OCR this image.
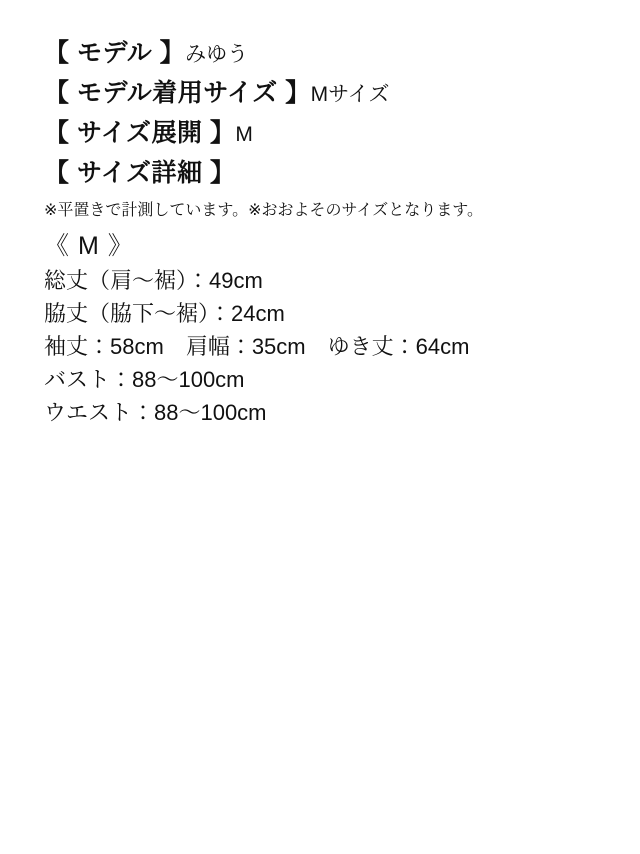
【 モデル 】みゆう
【 モデル着用サイズ 】Mサイズ
【 サイズ展開 】M
【 サイズ詳細 】
※平置きで計測しています。※おおよそのサイズとなります。
《 M 》
総丈（肩〜裾）：49cm
脇丈（脇下〜裾）：24cm
袖丈：58cm 肩幅：35cm ゆき丈：64cm
バスト：88〜100cm
ウエスト：88〜100cm
